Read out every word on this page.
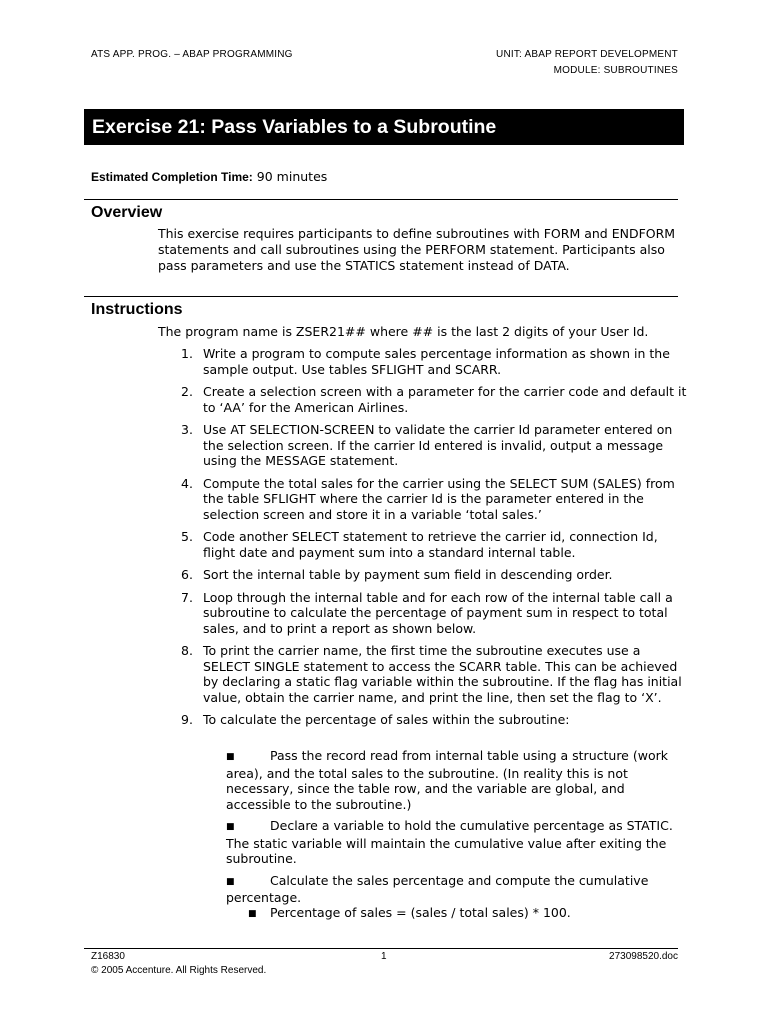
ATS APP. PROG. – ABAP PROGRAMMING	UNIT: ABAP REPORT DEVELOPMENT
MODULE: SUBROUTINES
Exercise 21: Pass Variables to a Subroutine
Estimated Completion Time: 90 minutes
Overview

This exercise requires participants to define subroutines with FORM and ENDFORM statements and call subroutines using the PERFORM statement. Participants also pass parameters and use the STATICS statement instead of DATA.

Instructions

The program name is ZSER21## where ## is the last 2 digits of your User Id.

1. Write a program to compute sales percentage information as shown in the sample output. Use tables SFLIGHT and SCARR.
2. Create a selection screen with a parameter for the carrier code and default it to ‘AA’ for the American Airlines.
3. Use AT SELECTION-SCREEN to validate the carrier Id parameter entered on the selection screen. If the carrier Id entered is invalid, output a message using the MESSAGE statement.
4. Compute the total sales for the carrier using the SELECT SUM (SALES) from the table SFLIGHT where the carrier Id is the parameter entered in the selection screen and store it in a variable ‘total sales.’
5. Code another SELECT statement to retrieve the carrier id, connection Id, flight date and payment sum into a standard internal table.
6. Sort the internal table by payment sum field in descending order.
7. Loop through the internal table and for each row of the internal table call a subroutine to calculate the percentage of payment sum in respect to total sales, and to print a report as shown below.
8. To print the carrier name, the first time the subroutine executes use a SELECT SINGLE statement to access the SCARR table. This can be achieved by declaring a static flag variable within the subroutine. If the flag has initial value, obtain the carrier name, and print the line, then set the flag to ‘X’.
9. To calculate the percentage of sales within the subroutine:
■	Pass the record read from internal table using a structure (work area), and the total sales to the subroutine. (In reality this is not necessary, since the table row, and the variable are global, and accessible to the subroutine.)
■	Declare a variable to hold the cumulative percentage as STATIC. The static variable will maintain the cumulative value after exiting the subroutine.
■	Calculate the sales percentage and compute the cumulative percentage.
■ Percentage of sales = (sales / total sales) * 100.
Z16830	1	273098520.doc
© 2005 Accenture. All Rights Reserved.
